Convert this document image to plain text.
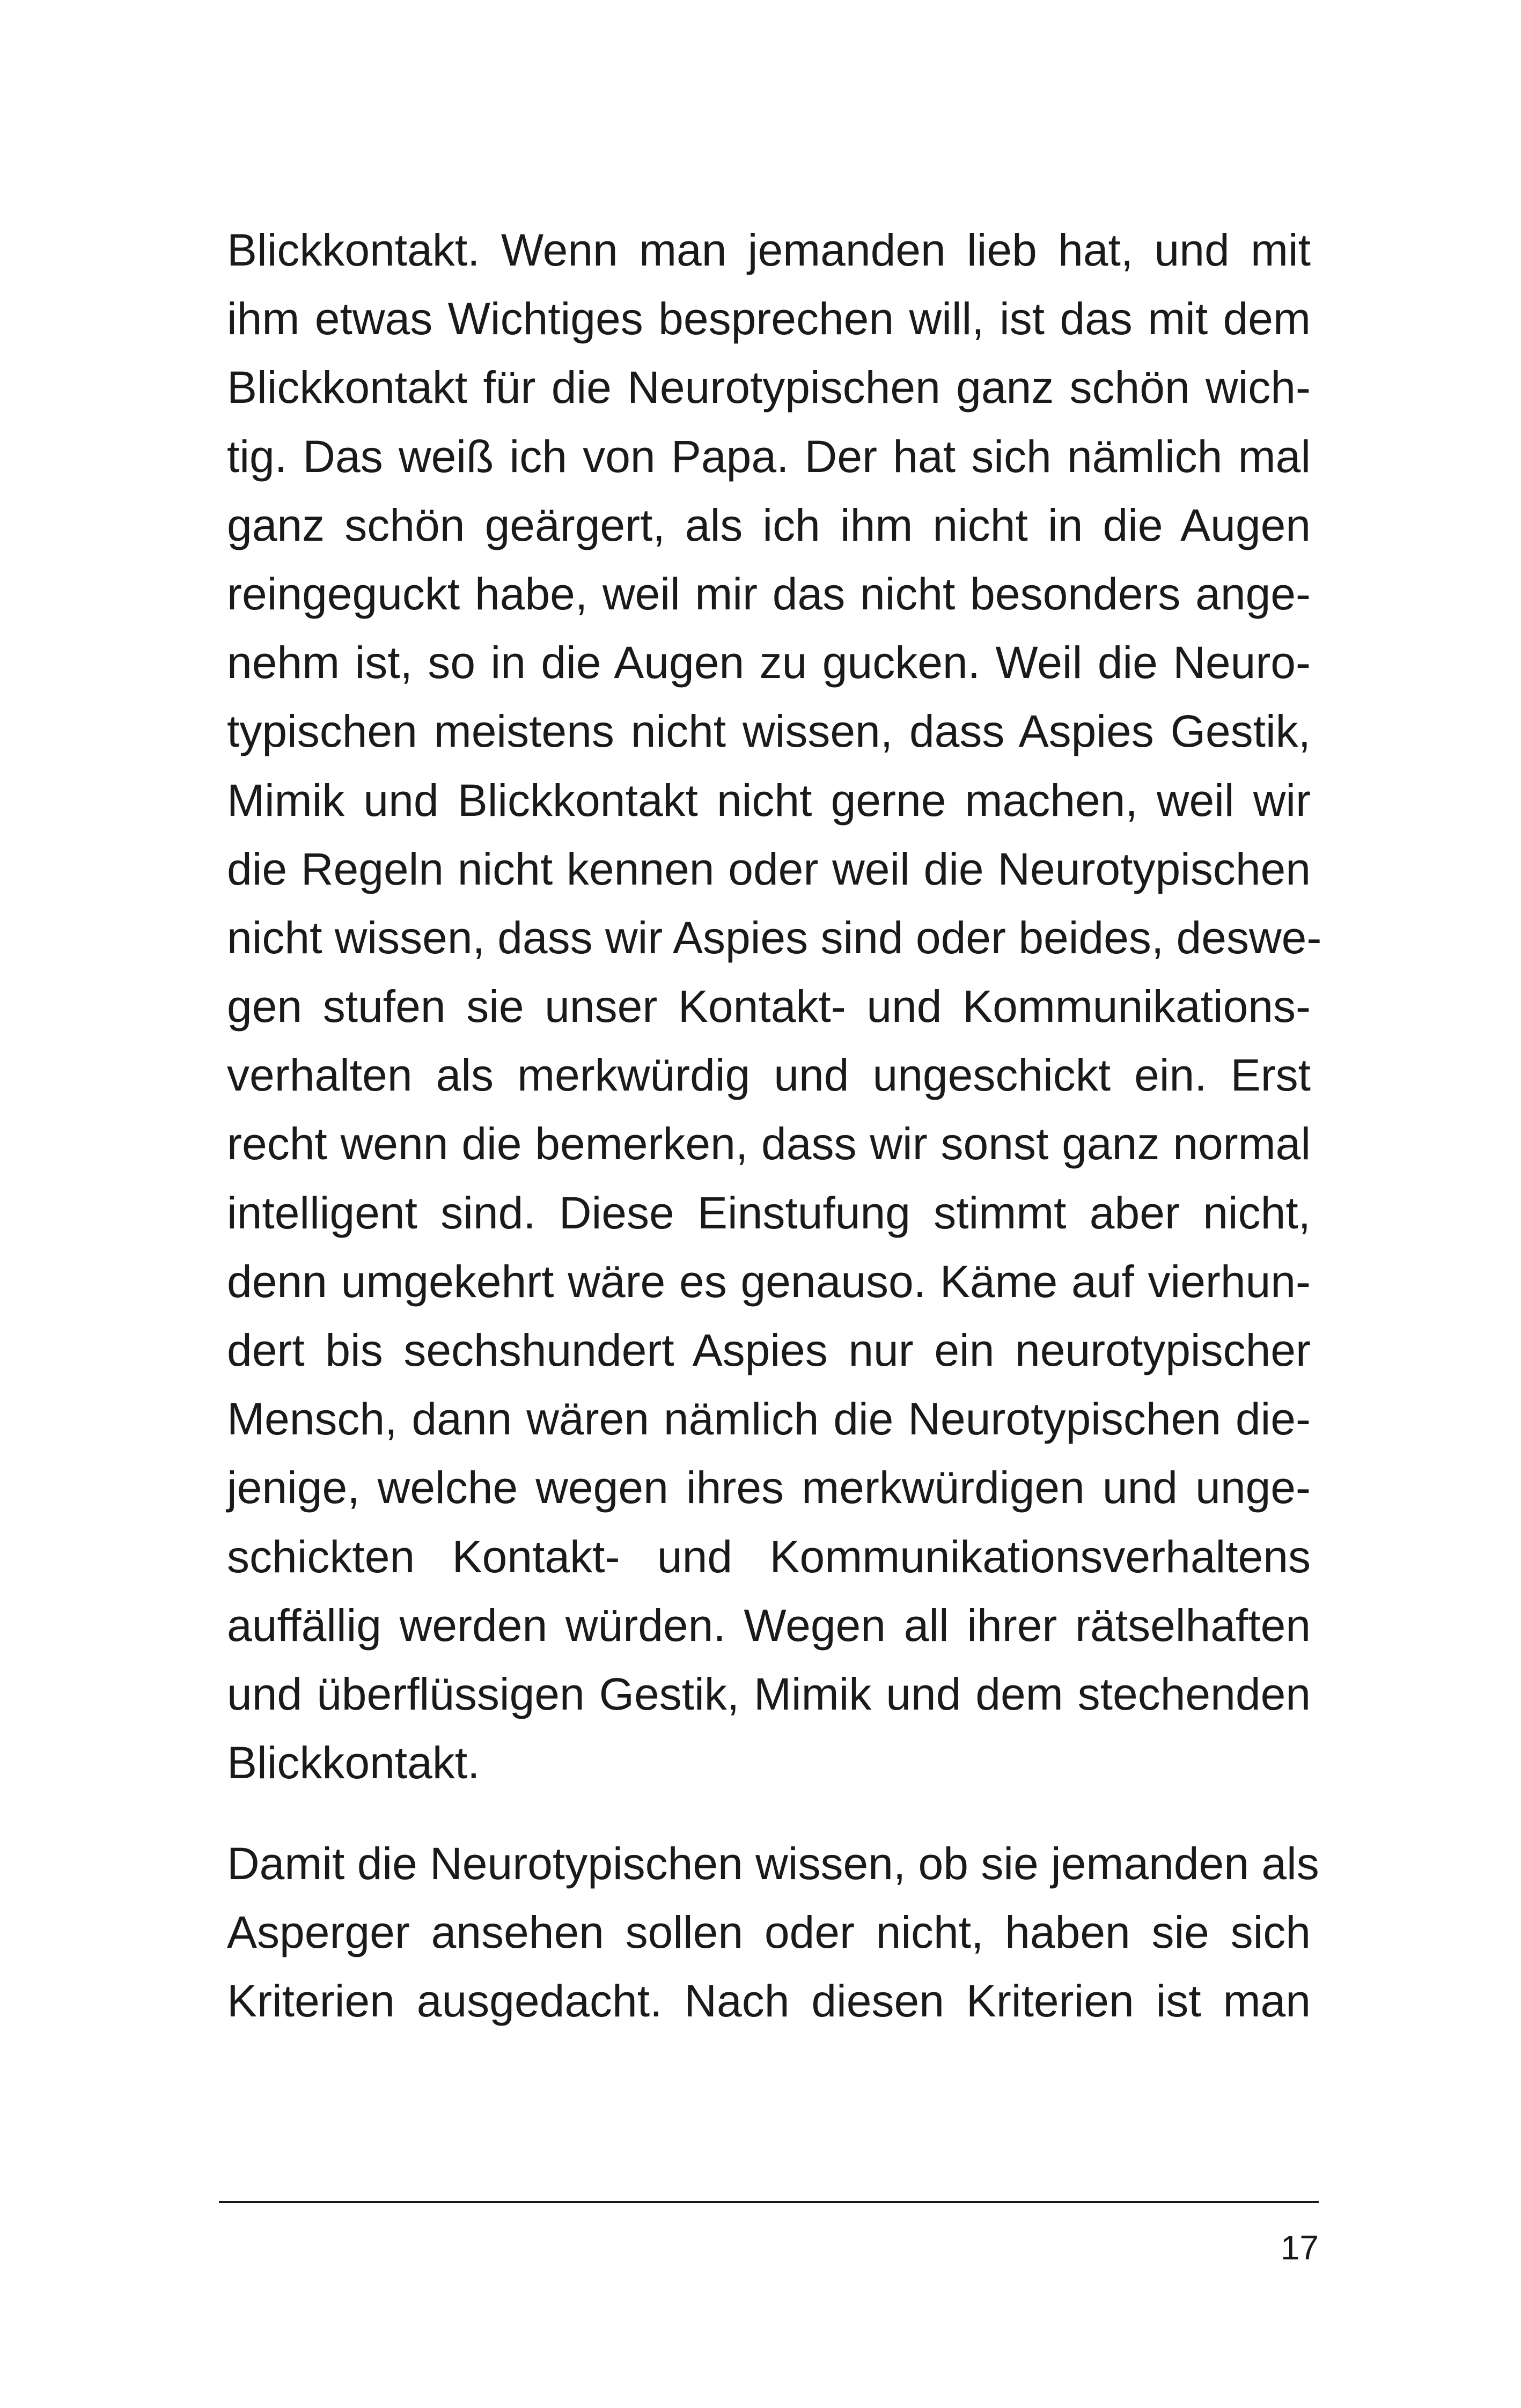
Blickkontakt. Wenn man jemanden lieb hat, und mit
ihm etwas Wichtiges besprechen will, ist das mit dem
Blickkontakt für die Neurotypischen ganz schön wich-
tig. Das weiß ich von Papa. Der hat sich nämlich mal
ganz schön geärgert, als ich ihm nicht in die Augen
reingeguckt habe, weil mir das nicht besonders ange-
nehm ist, so in die Augen zu gucken. Weil die Neuro-
typischen meistens nicht wissen, dass Aspies Gestik,
Mimik und Blickkontakt nicht gerne machen, weil wir
die Regeln nicht kennen oder weil die Neurotypischen
nicht wissen, dass wir Aspies sind oder beides, deswe-
gen stufen sie unser Kontakt- und Kommunikations-
verhalten als merkwürdig und ungeschickt ein. Erst
recht wenn die bemerken, dass wir sonst ganz normal
intelligent sind. Diese Einstufung stimmt aber nicht,
denn umgekehrt wäre es genauso. Käme auf vierhun-
dert bis sechshundert Aspies nur ein neurotypischer
Mensch, dann wären nämlich die Neurotypischen die-
jenige, welche wegen ihres merkwürdigen und unge-
schickten Kontakt- und Kommunikationsverhaltens
auffällig werden würden. Wegen all ihrer rätselhaften
und überflüssigen Gestik, Mimik und dem stechenden
Blickkontakt.
Damit die Neurotypischen wissen, ob sie jemanden als
Asperger ansehen sollen oder nicht, haben sie sich
Kriterien ausgedacht. Nach diesen Kriterien ist man
17
